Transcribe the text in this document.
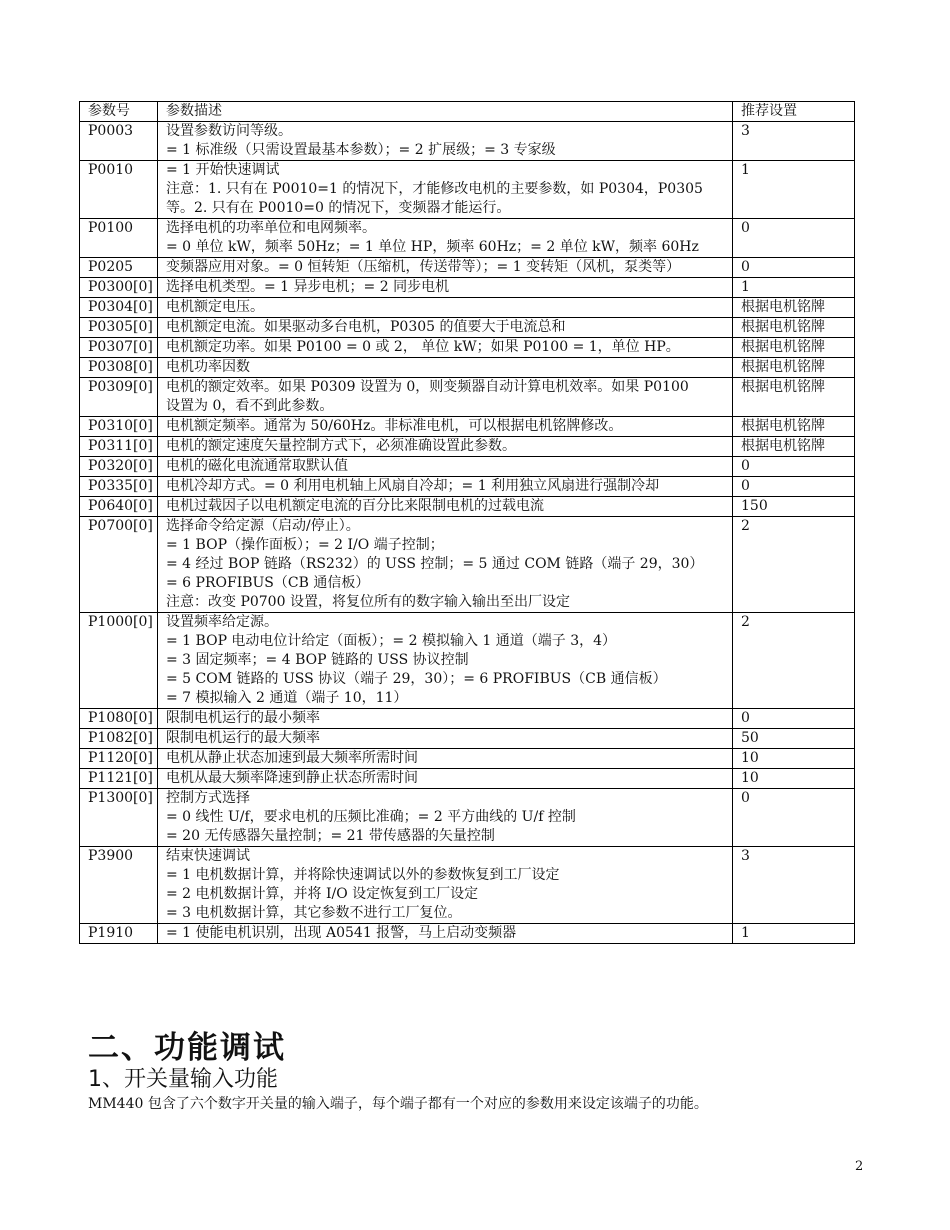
参数号	参数描述	推荐设置
P0003	设置参数访问等级。
= 1 标准级（只需设置最基本参数）；= 2 扩展级；= 3 专家级	3
P0010	= 1 开始快速调试
注意：1. 只有在 P0010=1 的情况下，才能修改电机的主要参数，如 P0304，P0305
等。2. 只有在 P0010=0 的情况下，变频器才能运行。	1
P0100	选择电机的功率单位和电网频率。
= 0 单位 kW，频率 50Hz；= 1 单位 HP，频率 60Hz；= 2 单位 kW，频率 60Hz	0
P0205	变频器应用对象。= 0 恒转矩（压缩机，传送带等）；= 1 变转矩（风机，泵类等）	0
P0300[0]	选择电机类型。= 1 异步电机；= 2 同步电机	1
P0304[0]	电机额定电压。	根据电机铭牌
P0305[0]	电机额定电流。如果驱动多台电机，P0305 的值要大于电流总和	根据电机铭牌
P0307[0]	电机额定功率。如果 P0100 = 0 或 2， 单位 kW；如果 P0100 = 1，单位 HP。	根据电机铭牌
P0308[0]	电机功率因数	根据电机铭牌
P0309[0]	电机的额定效率。如果 P0309 设置为 0，则变频器自动计算电机效率。如果 P0100
设置为 0，看不到此参数。	根据电机铭牌
P0310[0]	电机额定频率。通常为 50/60Hz。非标准电机，可以根据电机铭牌修改。	根据电机铭牌
P0311[0]	电机的额定速度矢量控制方式下，必须准确设置此参数。	根据电机铭牌
P0320[0]	电机的磁化电流通常取默认值	0
P0335[0]	电机冷却方式。= 0 利用电机轴上风扇自冷却；= 1 利用独立风扇进行强制冷却	0
P0640[0]	电机过载因子以电机额定电流的百分比来限制电机的过载电流	150
P0700[0]	选择命令给定源（启动/停止）。
= 1 BOP（操作面板）；= 2 I/O 端子控制；
= 4 经过 BOP 链路（RS232）的 USS 控制；= 5 通过 COM 链路（端子 29，30）
= 6 PROFIBUS（CB 通信板）
注意：改变 P0700 设置，将复位所有的数字输入输出至出厂设定	2
P1000[0]	设置频率给定源。
= 1 BOP 电动电位计给定（面板）；= 2 模拟输入 1 通道（端子 3，4）
= 3 固定频率；= 4 BOP 链路的 USS 协议控制
= 5 COM 链路的 USS 协议（端子 29，30）；= 6 PROFIBUS（CB 通信板）
= 7 模拟输入 2 通道（端子 10，11）	2
P1080[0]	限制电机运行的最小频率	0
P1082[0]	限制电机运行的最大频率	50
P1120[0]	电机从静止状态加速到最大频率所需时间	10
P1121[0]	电机从最大频率降速到静止状态所需时间	10
P1300[0]	控制方式选择
= 0 线性 U/f，要求电机的压频比准确；= 2 平方曲线的 U/f 控制
= 20 无传感器矢量控制；= 21 带传感器的矢量控制	0
P3900	结束快速调试
= 1 电机数据计算，并将除快速调试以外的参数恢复到工厂设定
= 2 电机数据计算，并将 I/O 设定恢复到工厂设定
= 3 电机数据计算，其它参数不进行工厂复位。	3
P1910	= 1 使能电机识别，出现 A0541 报警，马上启动变频器	1
二、功能调试
1、开关量输入功能
MM440 包含了六个数字开关量的输入端子，每个端子都有一个对应的参数用来设定该端子的功能。
2
